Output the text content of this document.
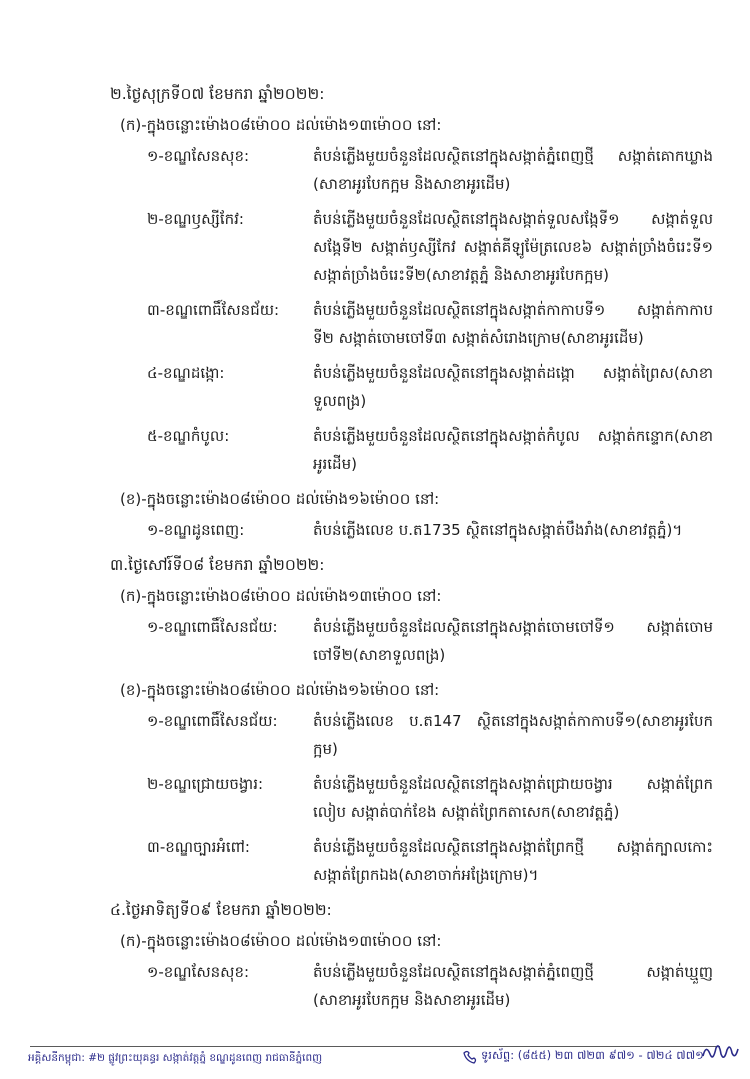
២.ថ្ងៃសុក្រទី០៧ ខែមករា ឆ្នាំ២០២២:
(ក)-ក្នុងចន្លោះម៉ោង០៨ម៉ោ០០ ដល់ម៉ោង១៣ម៉ោ០០ នៅ:
១-ខណ្ឌសែនសុខ:	តំបន់ភ្លើងមួយចំនួនដែលស្ថិតនៅក្នុងសង្កាត់ភ្នំពេញថ្មី សង្កាត់គោកឃ្លាង
(សាខាអូរបែកក្អម និងសាខាអូរដើម)
២-ខណ្ឌឫស្សីកែវ:	តំបន់ភ្លើងមួយចំនួនដែលស្ថិតនៅក្នុងសង្កាត់ទួលសង្កែទី១ សង្កាត់ទួល
សង្កែទី២ សង្កាត់ឫស្សីកែវ សង្កាត់គីឡូម៉ែត្រលេខ៦ សង្កាត់ច្រាំងចំរេះទី១
សង្កាត់ច្រាំងចំរេះទី២(សាខាវត្តភ្នំ និងសាខាអូរបែកក្អម)
៣-ខណ្ឌពោធិ៍សែនជ័យ: តំបន់ភ្លើងមួយចំនួនដែលស្ថិតនៅក្នុងសង្កាត់កាកាបទី១ សង្កាត់កាកាប
ទី២ សង្កាត់ចោមចៅទី៣ សង្កាត់សំរោងក្រោម(សាខាអូរដើម)
៤-ខណ្ឌដង្កោ:	តំបន់ភ្លើងមួយចំនួនដែលស្ថិតនៅក្នុងសង្កាត់ដង្កោ សង្កាត់ព្រៃស(សាខា
ទួលពង្រ)
៥-ខណ្ឌកំបូល:	តំបន់ភ្លើងមួយចំនួនដែលស្ថិតនៅក្នុងសង្កាត់កំបូល សង្កាត់កន្ទោក(សាខា
អូរដើម)
(ខ)-ក្នុងចន្លោះម៉ោង០៨ម៉ោ០០ ដល់ម៉ោង១៦ម៉ោ០០ នៅ:
១-ខណ្ឌដូនពេញ:	តំបន់ភ្លើងលេខ ប.ត1735 ស្ថិតនៅក្នុងសង្កាត់បឹងរាំង(សាខាវត្តភ្នំ)។
៣.ថ្ងៃសៅរ៍ទី០៨ ខែមករា ឆ្នាំ២០២២:
(ក)-ក្នុងចន្លោះម៉ោង០៨ម៉ោ០០ ដល់ម៉ោង១៣ម៉ោ០០ នៅ:
១-ខណ្ឌពោធិ៍សែនជ័យ: តំបន់ភ្លើងមួយចំនួនដែលស្ថិតនៅក្នុងសង្កាត់ចោមចៅទី១ សង្កាត់ចោម
ចៅទី២(សាខាទួលពង្រ)
(ខ)-ក្នុងចន្លោះម៉ោង០៨ម៉ោ០០ ដល់ម៉ោង១៦ម៉ោ០០ នៅ:
១-ខណ្ឌពោធិ៍សែនជ័យ: តំបន់ភ្លើងលេខ ប.ត147 ស្ថិតនៅក្នុងសង្កាត់កាកាបទី១(សាខាអូរបែក
ក្អម)
២-ខណ្ឌជ្រោយចង្វារ:	តំបន់ភ្លើងមួយចំនួនដែលស្ថិតនៅក្នុងសង្កាត់ជ្រោយចង្វារ សង្កាត់ព្រែក
លៀប សង្កាត់បាក់ខែង សង្កាត់ព្រែកតាសេក(សាខាវត្តភ្នំ)
៣-ខណ្ឌច្បារអំពៅ:	តំបន់ភ្លើងមួយចំនួនដែលស្ថិតនៅក្នុងសង្កាត់ព្រែកថ្មី សង្កាត់ក្បាលកោះ
សង្កាត់ព្រែកឯង(សាខាចាក់អង្រែក្រោម)។
៤.ថ្ងៃអាទិត្យទី០៩ ខែមករា ឆ្នាំ២០២២:
(ក)-ក្នុងចន្លោះម៉ោង០៨ម៉ោ០០ ដល់ម៉ោង១៣ម៉ោ០០ នៅ:
១-ខណ្ឌសែនសុខ:	តំបន់ភ្លើងមួយចំនួនដែលស្ថិតនៅក្នុងសង្កាត់ភ្នំពេញថ្មី	សង្កាត់ឃ្មួញ
(សាខាអូរបែកក្អម និងសាខាអូរដើម)
អគ្គិសនីកម្ពុជា: #២ ផ្លូវព្រះយុគន្ធរ សង្កាត់វត្តភ្នំ ខណ្ឌដូនពេញ រាជធានីភ្នំពេញ	ទូរស័ព្ទ: (៨៥៥) ២៣ ៧២៣ ៩៧១ - ៧២៤ ៧៧១
